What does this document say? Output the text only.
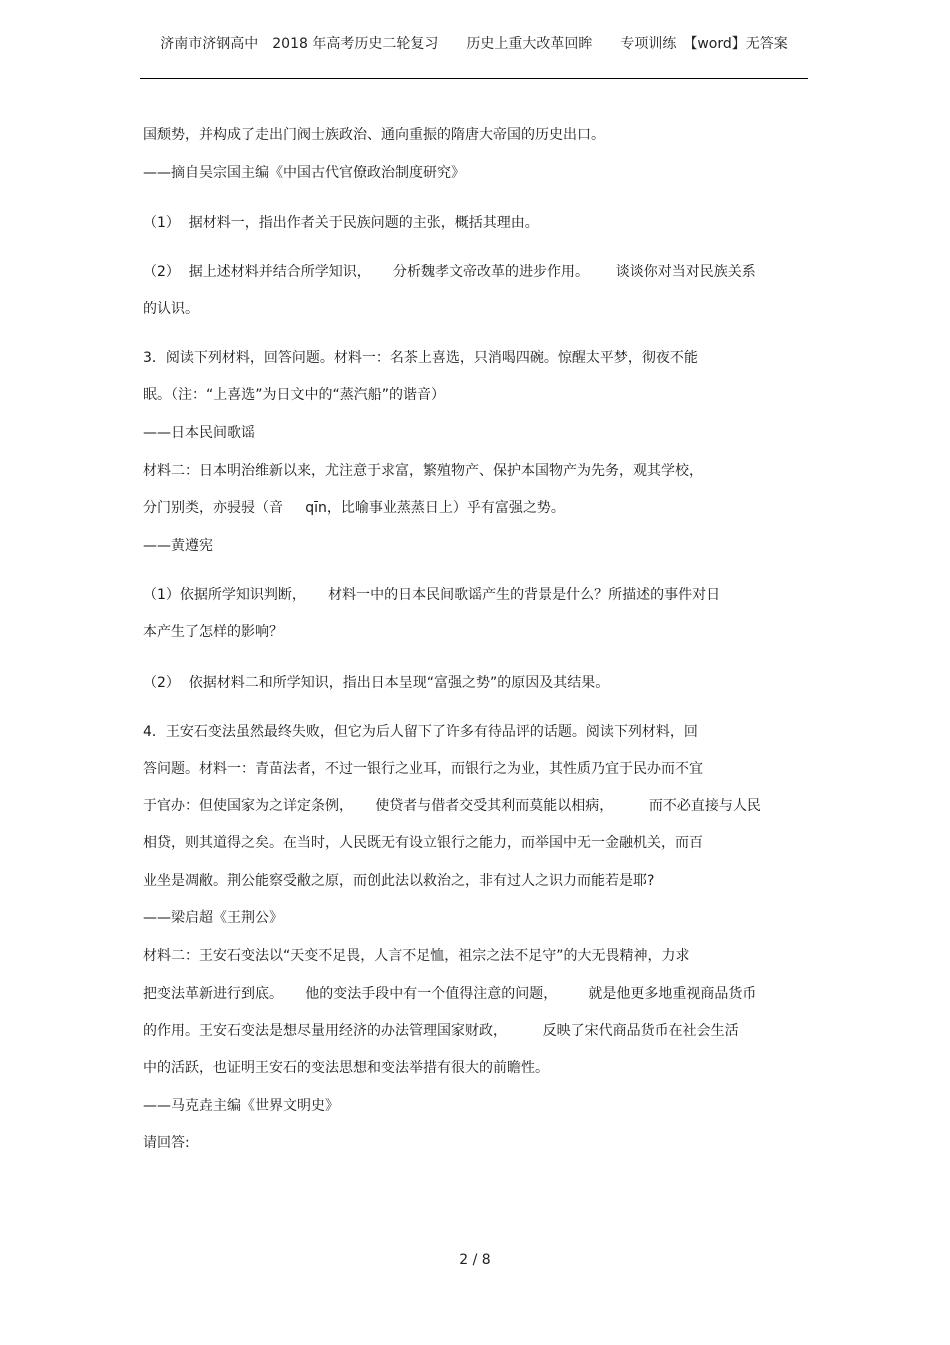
济南市济钢高中　2018 年高考历史二轮复习　　历史上重大改革回眸　　专项训练　【word】无答案
国颓势，并构成了走出门阀士族政治、通向重振的隋唐大帝国的历史出口。
——摘自吴宗国主编《中国古代官僚政治制度研究》
（1）  据材料一，指出作者关于民族问题的主张，概括其理由。
（2）  据上述材料并结合所学知识，     分析魏孝文帝改革的进步作用。      谈谈你对当对民族关系
的认识。
3．阅读下列材料，回答问题。材料一：名茶上喜选，只消喝四碗。惊醒太平梦，彻夜不能
眠。（注：“上喜选”为日文中的“蒸汽船”的谐音）
——日本民间歌谣
材料二：日本明治维新以来，尤注意于求富，繁殖物产、保护本国物产为先务，观其学校，
分门别类，亦骎骎（音     qīn，比喻事业蒸蒸日上）乎有富强之势。
——黄遵宪
（1）依据所学知识判断，     材料一中的日本民间歌谣产生的背景是什么？所描述的事件对日
本产生了怎样的影响？
（2）  依据材料二和所学知识，指出日本呈现“富强之势”的原因及其结果。
4．王安石变法虽然最终失败，但它为后人留下了许多有待品评的话题。阅读下列材料，回
答问题。材料一：青苗法者，不过一银行之业耳，而银行之为业，其性质乃宜于民办而不宜
于官办：但使国家为之详定条例，     使贷者与借者交受其利而莫能以相病，        而不必直接与人民
相贷，则其道得之矣。在当时，人民既无有设立银行之能力，而举国中无一金融机关，而百
业坐是凋敝。荆公能察受敝之原，而创此法以救治之，非有过人之识力而能若是耶?
——梁启超《王荆公》
材料二：王安石变法以“天变不足畏，人言不足恤，祖宗之法不足守”的大无畏精神，力求
把变法革新进行到底。     他的变法手段中有一个值得注意的问题，       就是他更多地重视商品货币
的作用。王安石变法是想尽量用经济的办法管理国家财政，        反映了宋代商品货币在社会生活
中的活跃，也证明王安石的变法思想和变法举措有很大的前瞻性。
——马克垚主编《世界文明史》
请回答:
2 / 8
